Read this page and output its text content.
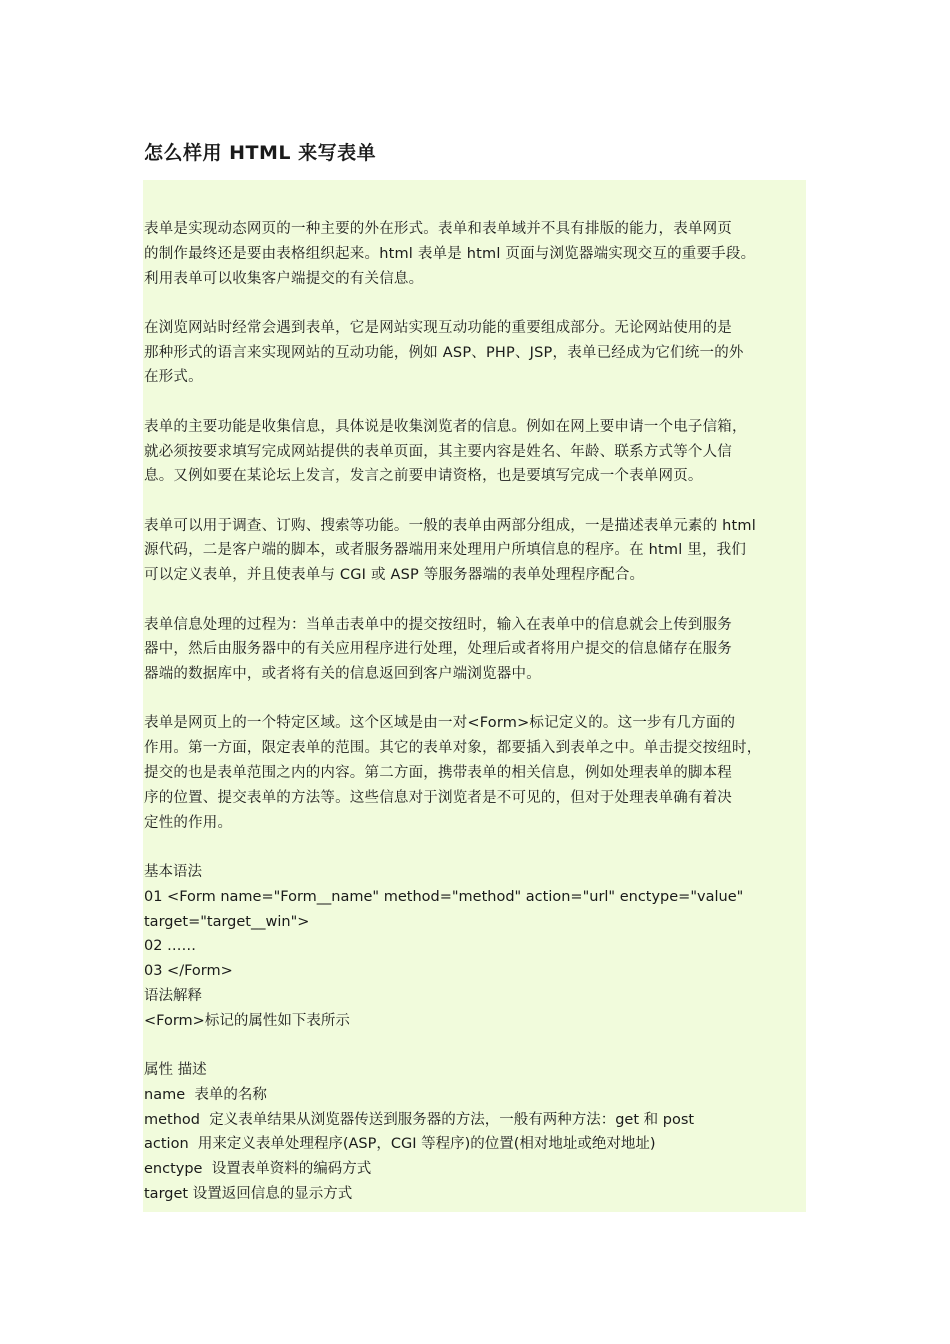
怎么样用 HTML 来写表单

表单是实现动态网页的一种主要的外在形式。表单和表单域并不具有排版的能力，表单网页
的制作最终还是要由表格组织起来。html 表单是 html 页面与浏览器端实现交互的重要手段。
利用表单可以收集客户端提交的有关信息。

在浏览网站时经常会遇到表单，它是网站实现互动功能的重要组成部分。无论网站使用的是
那种形式的语言来实现网站的互动功能，例如 ASP、PHP、JSP，表单已经成为它们统一的外
在形式。

表单的主要功能是收集信息，具体说是收集浏览者的信息。例如在网上要申请一个电子信箱，
就必须按要求填写完成网站提供的表单页面，其主要内容是姓名、年龄、联系方式等个人信
息。又例如要在某论坛上发言，发言之前要申请资格，也是要填写完成一个表单网页。

表单可以用于调查、订购、搜索等功能。一般的表单由两部分组成，一是描述表单元素的 html
源代码，二是客户端的脚本，或者服务器端用来处理用户所填信息的程序。在 html 里，我们
可以定义表单，并且使表单与 CGI 或 ASP 等服务器端的表单处理程序配合。

表单信息处理的过程为：当单击表单中的提交按纽时，输入在表单中的信息就会上传到服务
器中，然后由服务器中的有关应用程序进行处理，处理后或者将用户提交的信息储存在服务
器端的数据库中，或者将有关的信息返回到客户端浏览器中。

表单是网页上的一个特定区域。这个区域是由一对<Form>标记定义的。这一步有几方面的
作用。第一方面，限定表单的范围。其它的表单对象，都要插入到表单之中。单击提交按纽时，
提交的也是表单范围之内的内容。第二方面，携带表单的相关信息，例如处理表单的脚本程
序的位置、提交表单的方法等。这些信息对于浏览者是不可见的，但对于处理表单确有着决
定性的作用。

基本语法
01 <Form name="Form__name" method="method" action="url" enctype="value"
target="target__win">
02 ……
03 </Form>
语法解释
<Form>标记的属性如下表所示
属性 描述
name  表单的名称
method  定义表单结果从浏览器传送到服务器的方法，一般有两种方法：get 和 post
action  用来定义表单处理程序(ASP，CGI 等程序)的位置(相对地址或绝对地址)
enctype  设置表单资料的编码方式
target 设置返回信息的显示方式
